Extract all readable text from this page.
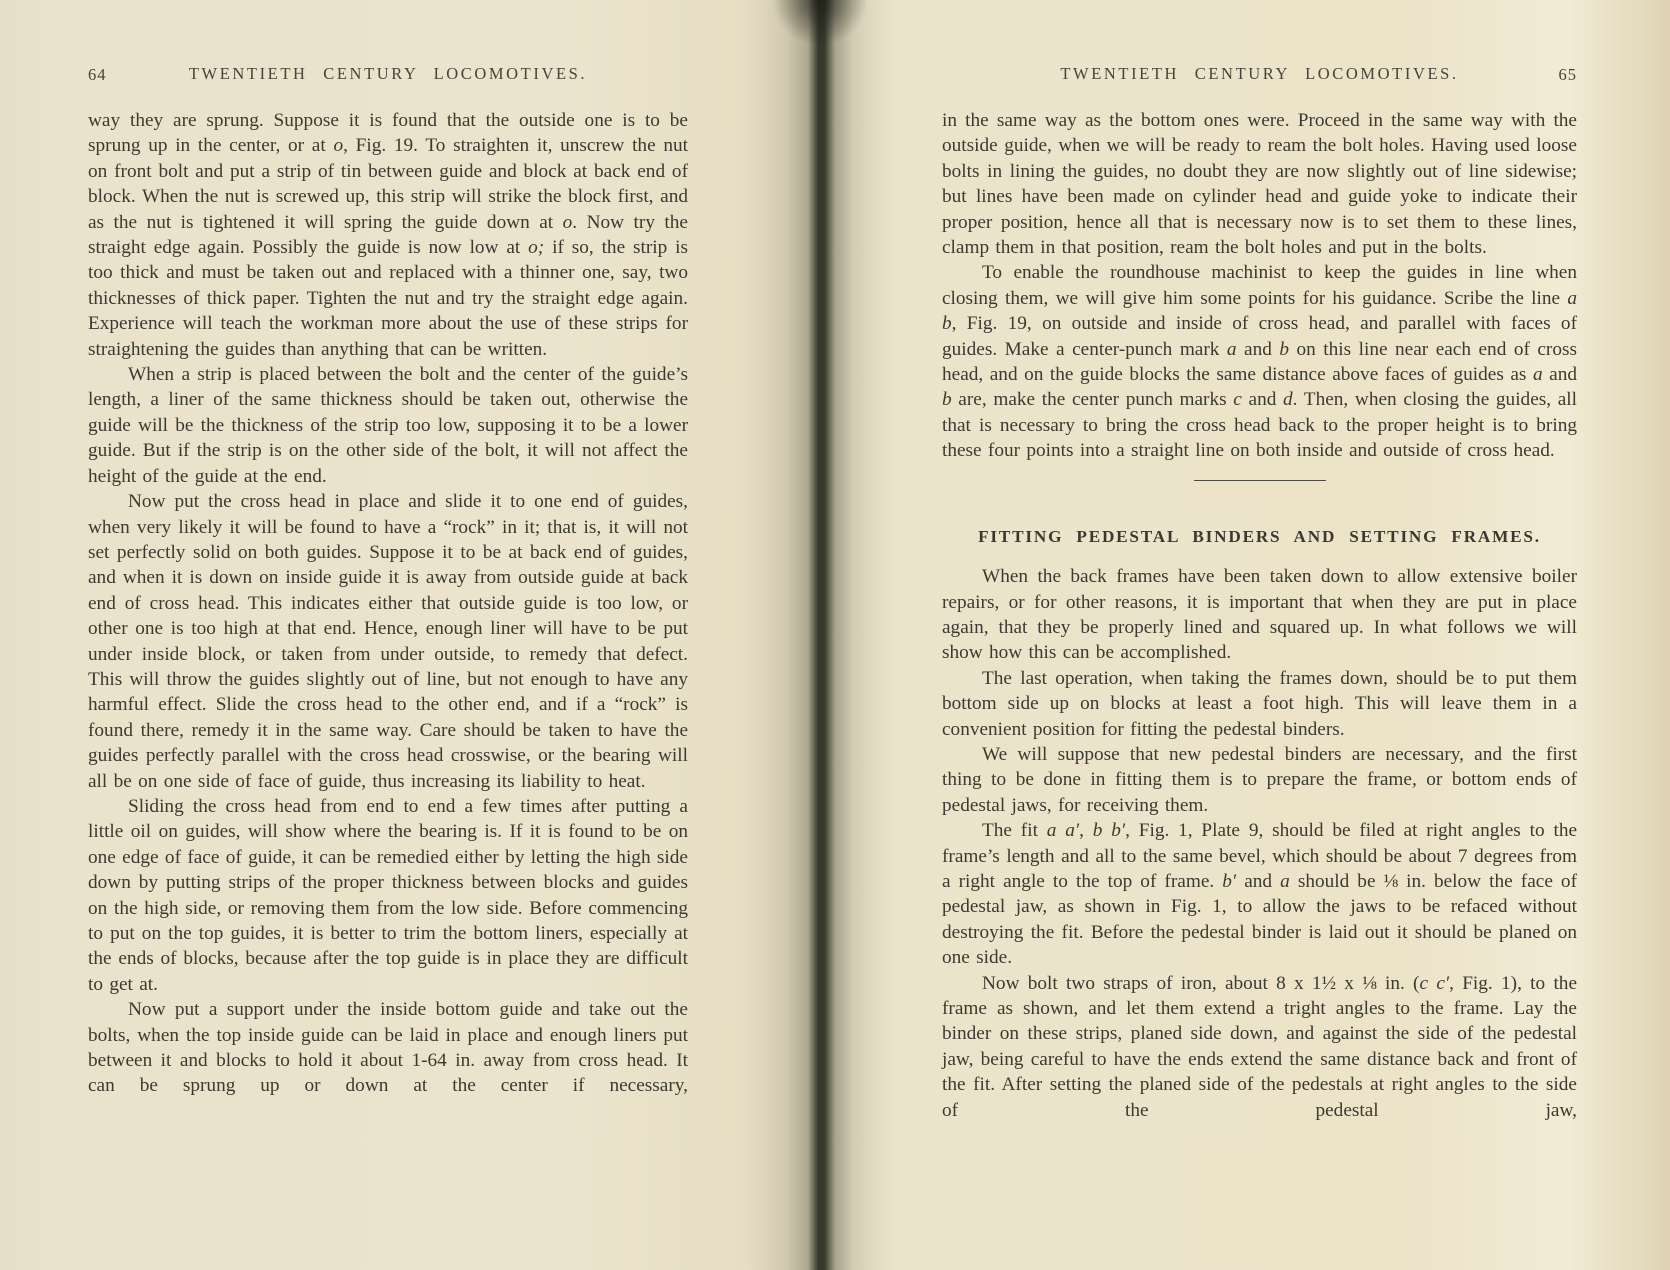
64	TWENTIETH CENTURY LOCOMOTIVES.

way they are sprung. Suppose it is found that the outside one is to be sprung up in the center, or at o, Fig. 19. To straighten it, unscrew the nut on front bolt and put a strip of tin between guide and block at back end of block. When the nut is screwed up, this strip will strike the block first, and as the nut is tightened it will spring the guide down at o. Now try the straight edge again. Possibly the guide is now low at o; if so, the strip is too thick and must be taken out and replaced with a thinner one, say, two thicknesses of thick paper. Tighten the nut and try the straight edge again. Experience will teach the workman more about the use of these strips for straightening the guides than anything that can be written.

When a strip is placed between the bolt and the center of the guide’s length, a liner of the same thickness should be taken out, otherwise the guide will be the thickness of the strip too low, supposing it to be a lower guide. But if the strip is on the other side of the bolt, it will not affect the height of the guide at the end.

Now put the cross head in place and slide it to one end of guides, when very likely it will be found to have a “rock” in it; that is, it will not set perfectly solid on both guides. Suppose it to be at back end of guides, and when it is down on inside guide it is away from outside guide at back end of cross head. This indicates either that outside guide is too low, or other one is too high at that end. Hence, enough liner will have to be put under inside block, or taken from under outside, to remedy that defect. This will throw the guides slightly out of line, but not enough to have any harmful effect. Slide the cross head to the other end, and if a “rock” is found there, remedy it in the same way. Care should be taken to have the guides perfectly parallel with the cross head crosswise, or the bearing will all be on one side of face of guide, thus increasing its liability to heat.

Sliding the cross head from end to end a few times after putting a little oil on guides, will show where the bearing is. If it is found to be on one edge of face of guide, it can be remedied either by letting the high side down by putting strips of the proper thickness between blocks and guides on the high side, or removing them from the low side. Before commencing to put on the top guides, it is better to trim the bottom liners, especially at the ends of blocks, because after the top guide is in place they are difficult to get at.

Now put a support under the inside bottom guide and take out the bolts, when the top inside guide can be laid in place and enough liners put between it and blocks to hold it about 1-64 in. away from cross head. It can be sprung up or down at the center if necessary,

TWENTIETH CENTURY LOCOMOTIVES.	65

in the same way as the bottom ones were. Proceed in the same way with the outside guide, when we will be ready to ream the bolt holes. Having used loose bolts in lining the guides, no doubt they are now slightly out of line sidewise; but lines have been made on cylinder head and guide yoke to indicate their proper position, hence all that is necessary now is to set them to these lines, clamp them in that position, ream the bolt holes and put in the bolts.

To enable the roundhouse machinist to keep the guides in line when closing them, we will give him some points for his guidance. Scribe the line a b, Fig. 19, on outside and inside of cross head, and parallel with faces of guides. Make a center-punch mark a and b on this line near each end of cross head, and on the guide blocks the same distance above faces of guides as a and b are, make the center punch marks c and d. Then, when closing the guides, all that is necessary to bring the cross head back to the proper height is to bring these four points into a straight line on both inside and outside of cross head.

FITTING PEDESTAL BINDERS AND SETTING FRAMES.

When the back frames have been taken down to allow extensive boiler repairs, or for other reasons, it is important that when they are put in place again, that they be properly lined and squared up. In what follows we will show how this can be accomplished.

The last operation, when taking the frames down, should be to put them bottom side up on blocks at least a foot high. This will leave them in a convenient position for fitting the pedestal binders.

We will suppose that new pedestal binders are necessary, and the first thing to be done in fitting them is to prepare the frame, or bottom ends of pedestal jaws, for receiving them.

The fit a a′, b b′, Fig. 1, Plate 9, should be filed at right angles to the frame’s length and all to the same bevel, which should be about 7 degrees from a right angle to the top of frame. b′ and a should be ⅛ in. below the face of pedestal jaw, as shown in Fig. 1, to allow the jaws to be refaced without destroying the fit. Before the pedestal binder is laid out it should be planed on one side.

Now bolt two straps of iron, about 8 x 1½ x ⅛ in. (c c′, Fig. 1), to the frame as shown, and let them extend a tright angles to the frame. Lay the binder on these strips, planed side down, and against the side of the pedestal jaw, being careful to have the ends extend the same distance back and front of the fit. After setting the planed side of the pedestals at right angles to the side of the pedestal jaw,
